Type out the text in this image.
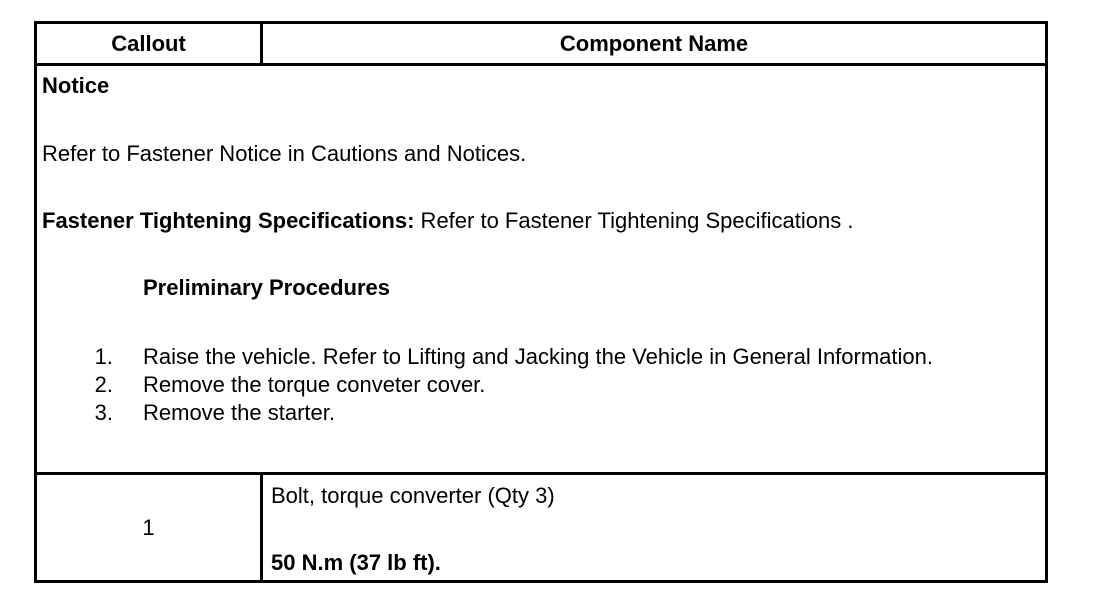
Callout	Component Name
Notice
Refer to Fastener Notice in Cautions and Notices.
Fastener Tightening Specifications: Refer to Fastener Tightening Specifications .
Preliminary Procedures
1. Raise the vehicle. Refer to Lifting and Jacking the Vehicle in General Information.
2. Remove the torque conveter cover.
3. Remove the starter.
1
Bolt, torque converter (Qty 3)
50 N.m (37 lb ft).
